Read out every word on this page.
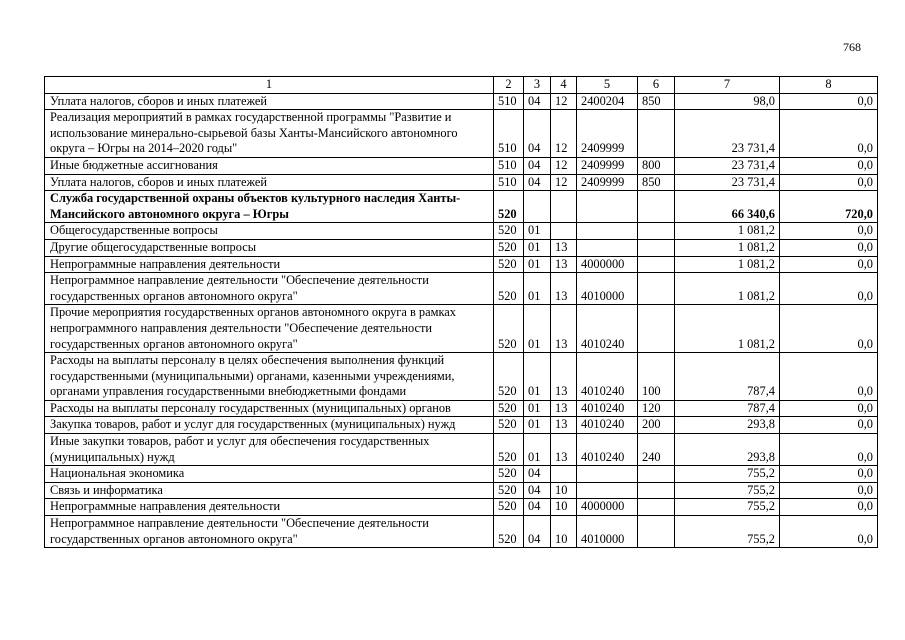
768
1	2	3	4	5	6	7	8
Уплата налогов, сборов и иных платежей	510	04	12	2400204	850	98,0	0,0
Реализация мероприятий в рамках государственной программы "Развитие и использование минерально-сырьевой базы Ханты-Мансийского автономного округа – Югры на 2014–2020 годы"	510	04	12	2409999		23 731,4	0,0
Иные бюджетные ассигнования	510	04	12	2409999	800	23 731,4	0,0
Уплата налогов, сборов и иных платежей	510	04	12	2409999	850	23 731,4	0,0
Служба государственной охраны объектов культурного наследия Ханты-Мансийского автономного округа – Югры	520					66 340,6	720,0
Общегосударственные вопросы	520	01				1 081,2	0,0
Другие общегосударственные вопросы	520	01	13			1 081,2	0,0
Непрограммные направления деятельности	520	01	13	4000000		1 081,2	0,0
Непрограммное направление деятельности "Обеспечение деятельности государственных органов автономного округа"	520	01	13	4010000		1 081,2	0,0
Прочие мероприятия государственных органов автономного округа в рамках непрограммного направления деятельности "Обеспечение деятельности государственных органов автономного округа"	520	01	13	4010240		1 081,2	0,0
Расходы на выплаты персоналу в целях обеспечения выполнения функций государственными (муниципальными) органами, казенными учреждениями, органами управления государственными внебюджетными фондами	520	01	13	4010240	100	787,4	0,0
Расходы на выплаты персоналу государственных (муниципальных) органов	520	01	13	4010240	120	787,4	0,0
Закупка товаров, работ и услуг для государственных (муниципальных) нужд	520	01	13	4010240	200	293,8	0,0
Иные закупки товаров, работ и услуг для обеспечения государственных (муниципальных) нужд	520	01	13	4010240	240	293,8	0,0
Национальная экономика	520	04				755,2	0,0
Связь и информатика	520	04	10			755,2	0,0
Непрограммные направления деятельности	520	04	10	4000000		755,2	0,0
Непрограммное направление деятельности "Обеспечение деятельности государственных органов автономного округа"	520	04	10	4010000		755,2	0,0
